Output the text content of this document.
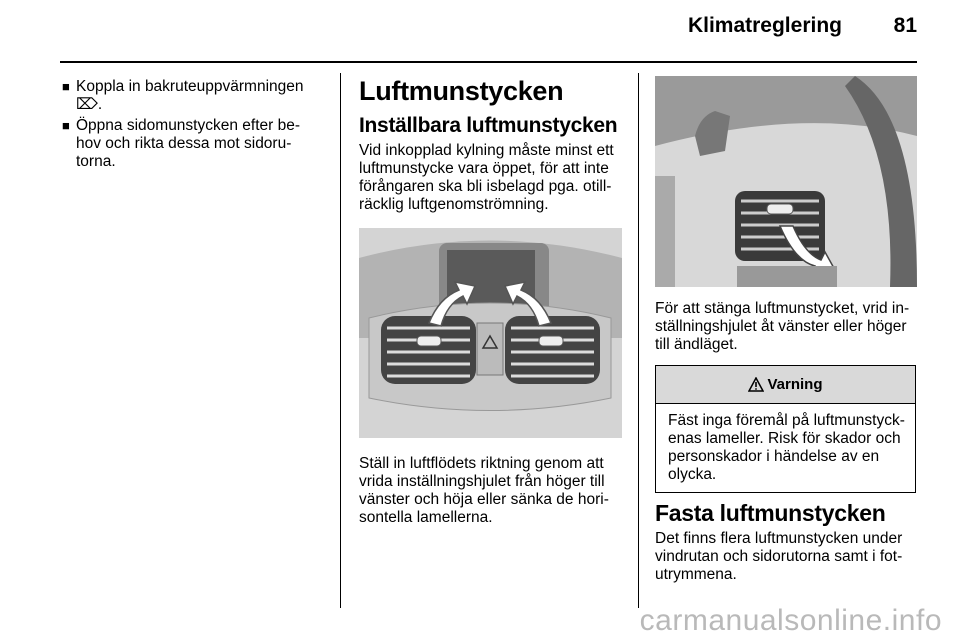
Klimatreglering 81
■ Koppla in bakruteuppvärmningen ⌦.
■ Öppna sidomunstycken efter be- hov och rikta dessa mot sidoru- torna.
Luftmunstycken
Inställbara luftmunstycken

Vid inkopplad kylning måste minst ett luftmunstycke vara öppet, för att inte förångaren ska bli isbelagd pga. otill- räcklig luftgenomströmning.

Ställ in luftflödets riktning genom att vrida inställningshjulet från höger till vänster och höja eller sänka de hori- sontella lamellerna.
För att stänga luftmunstycket, vrid in- ställningshjulet åt vänster eller höger till ändläget.
Varning
Fäst inga föremål på luftmunstyck- enas lameller. Risk för skador och personskador i händelse av en olycka.
Fasta luftmunstycken
Det finns flera luftmunstycken under vindrutan och sidorutorna samt i fot- utrymmena.
carmanualsonline.info
